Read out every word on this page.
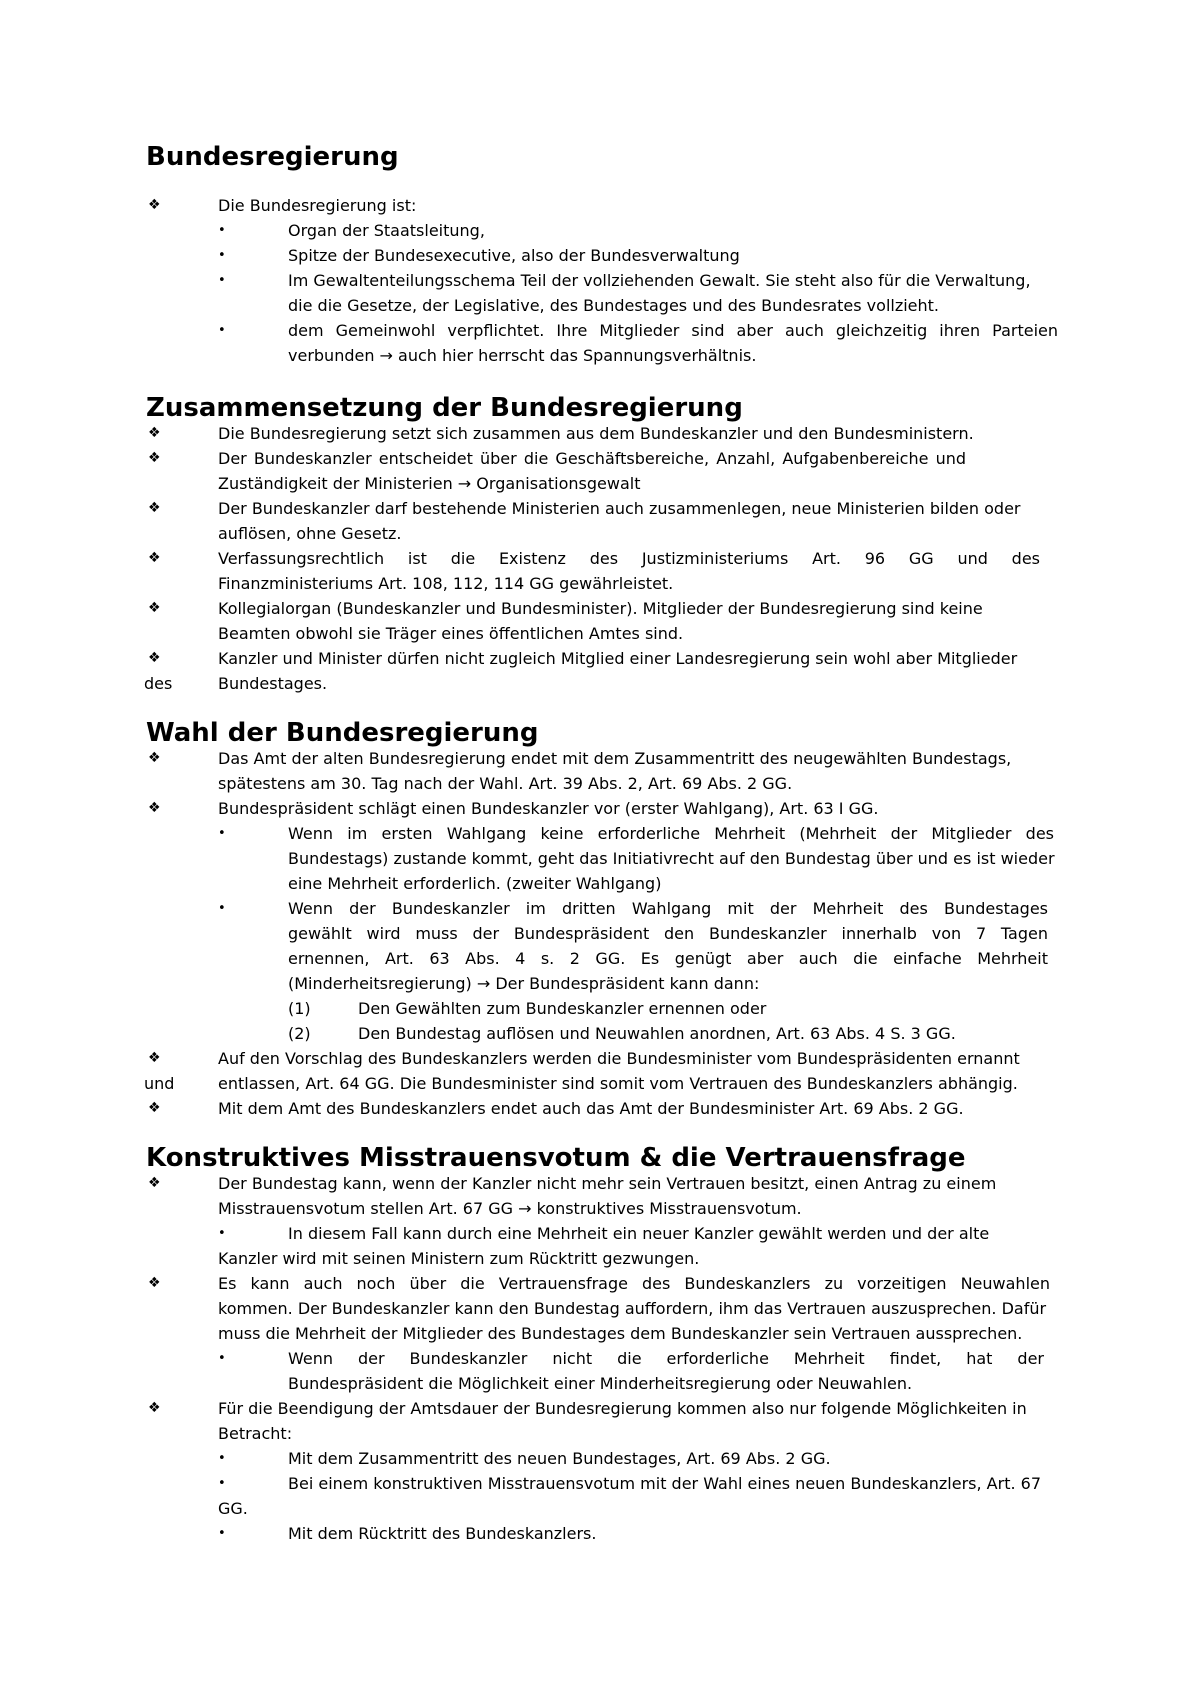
Bundesregierung
❖	Die Bundesregierung ist:
•	Organ der Staatsleitung,
•	Spitze der Bundesexecutive, also der Bundesverwaltung
•	Im Gewaltenteilungsschema Teil der vollziehenden Gewalt. Sie steht also für die Verwaltung,
die die Gesetze, der Legislative, des Bundestages und des Bundesrates vollzieht.
•	dem Gemeinwohl verpflichtet. Ihre Mitglieder sind aber auch gleichzeitig ihren Parteien
verbunden → auch hier herrscht das Spannungsverhältnis.
Zusammensetzung der Bundesregierung
❖	Die Bundesregierung setzt sich zusammen aus dem Bundeskanzler und den Bundesministern.
❖	Der Bundeskanzler entscheidet über die Geschäftsbereiche, Anzahl, Aufgabenbereiche und
Zuständigkeit der Ministerien → Organisationsgewalt
❖	Der Bundeskanzler darf bestehende Ministerien auch zusammenlegen, neue Ministerien bilden oder
auflösen, ohne Gesetz.
❖	Verfassungsrechtlich ist die Existenz des Justizministeriums Art. 96 GG und des
Finanzministeriums Art. 108, 112, 114 GG gewährleistet.
❖	Kollegialorgan (Bundeskanzler und Bundesminister). Mitglieder der Bundesregierung sind keine
Beamten obwohl sie Träger eines öffentlichen Amtes sind.
❖	Kanzler und Minister dürfen nicht zugleich Mitglied einer Landesregierung sein wohl aber Mitglieder
des	Bundestages.
Wahl der Bundesregierung
❖	Das Amt der alten Bundesregierung endet mit dem Zusammentritt des neugewählten Bundestags,
spätestens am 30. Tag nach der Wahl. Art. 39 Abs. 2, Art. 69 Abs. 2 GG.
❖	Bundespräsident schlägt einen Bundeskanzler vor (erster Wahlgang), Art. 63 I GG.
•	Wenn im ersten Wahlgang keine erforderliche Mehrheit (Mehrheit der Mitglieder des
Bundestags) zustande kommt, geht das Initiativrecht auf den Bundestag über und es ist wieder
eine Mehrheit erforderlich. (zweiter Wahlgang)
•	Wenn der Bundeskanzler im dritten Wahlgang mit der Mehrheit des Bundestages
gewählt wird muss der Bundespräsident den Bundeskanzler innerhalb von 7 Tagen
ernennen, Art. 63 Abs. 4 s. 2 GG. Es genügt aber auch die einfache Mehrheit
(Minderheitsregierung) → Der Bundespräsident kann dann:
(1)	Den Gewählten zum Bundeskanzler ernennen oder
(2)	Den Bundestag auflösen und Neuwahlen anordnen, Art. 63 Abs. 4 S. 3 GG.
❖	Auf den Vorschlag des Bundeskanzlers werden die Bundesminister vom Bundespräsidenten ernannt
und	entlassen, Art. 64 GG. Die Bundesminister sind somit vom Vertrauen des Bundeskanzlers abhängig.
❖	Mit dem Amt des Bundeskanzlers endet auch das Amt der Bundesminister Art. 69 Abs. 2 GG.
Konstruktives Misstrauensvotum & die Vertrauensfrage
❖	Der Bundestag kann, wenn der Kanzler nicht mehr sein Vertrauen besitzt, einen Antrag zu einem
Misstrauensvotum stellen Art. 67 GG → konstruktives Misstrauensvotum.
•	In diesem Fall kann durch eine Mehrheit ein neuer Kanzler gewählt werden und der alte
Kanzler wird mit seinen Ministern zum Rücktritt gezwungen.
❖	Es kann auch noch über die Vertrauensfrage des Bundeskanzlers zu vorzeitigen Neuwahlen
kommen. Der Bundeskanzler kann den Bundestag auffordern, ihm das Vertrauen auszusprechen. Dafür
muss die Mehrheit der Mitglieder des Bundestages dem Bundeskanzler sein Vertrauen aussprechen.
•	Wenn der Bundeskanzler nicht die erforderliche Mehrheit findet, hat der
Bundespräsident die Möglichkeit einer Minderheitsregierung oder Neuwahlen.
❖	Für die Beendigung der Amtsdauer der Bundesregierung kommen also nur folgende Möglichkeiten in
Betracht:
•	Mit dem Zusammentritt des neuen Bundestages, Art. 69 Abs. 2 GG.
•	Bei einem konstruktiven Misstrauensvotum mit der Wahl eines neuen Bundeskanzlers, Art. 67
GG.
•	Mit dem Rücktritt des Bundeskanzlers.
